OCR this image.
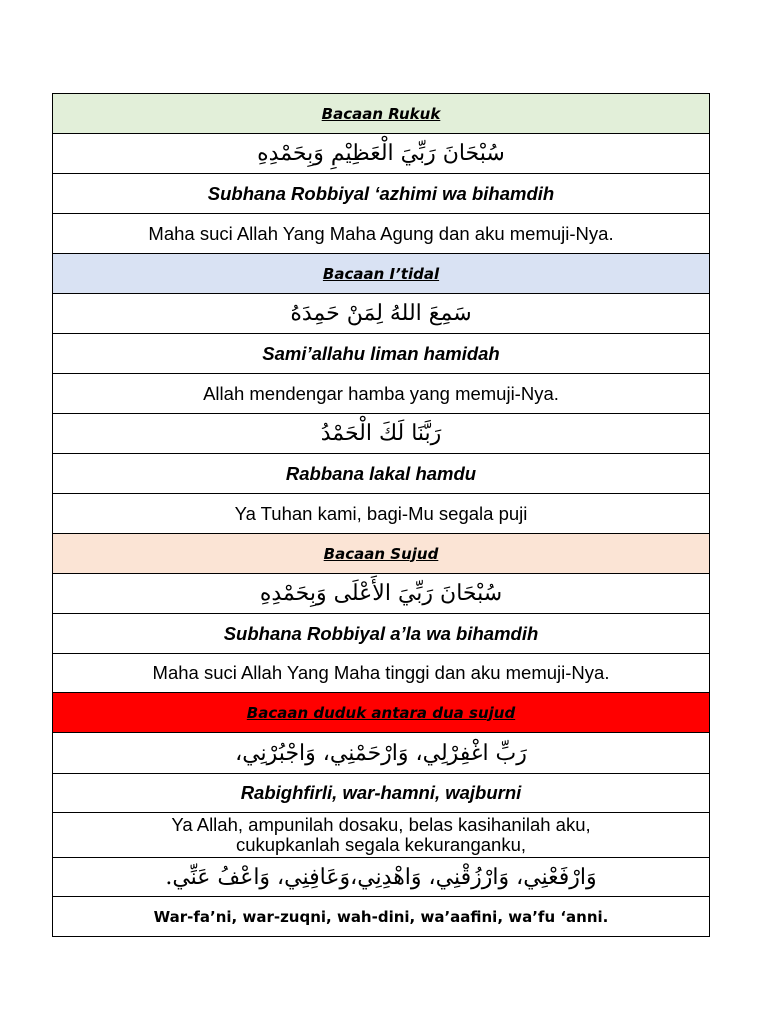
Bacaan Rukuk
سُبْحَانَ رَبِّيَ الْعَظِيْمِ وَبِحَمْدِهِ
Subhana Robbiyal ‘azhimi wa bihamdih
Maha suci Allah Yang Maha Agung dan aku memuji-Nya.
Bacaan I’tidal
سَمِعَ اللهُ لِمَنْ حَمِدَهُ
Sami’allahu liman hamidah
Allah mendengar hamba yang memuji-Nya.
رَبَّنَا لَكَ الْحَمْدُ
Rabbana lakal hamdu
Ya Tuhan kami, bagi-Mu segala puji
Bacaan Sujud
سُبْحَانَ رَبِّيَ الأَعْلَى وَبِحَمْدِهِ
Subhana Robbiyal a’la wa bihamdih
Maha suci Allah Yang Maha tinggi dan aku memuji-Nya.
Bacaan duduk antara dua sujud
رَبِّ اغْفِرْلِي، وَارْحَمْنِي، وَاجْبُرْنِي،
Rabighfirli, war-hamni, wajburni

Ya Allah, ampunilah dosaku, belas kasihanilah aku,
cukupkanlah segala kekuranganku,

وَارْفَعْنِي، وَارْزُقْنِي، وَاهْدِنِي،وَعَافِنِي، وَاعْفُ عَنِّي.
War-fa’ni, war-zuqni, wah-dini, wa’aafini, wa’fu ‘anni.
